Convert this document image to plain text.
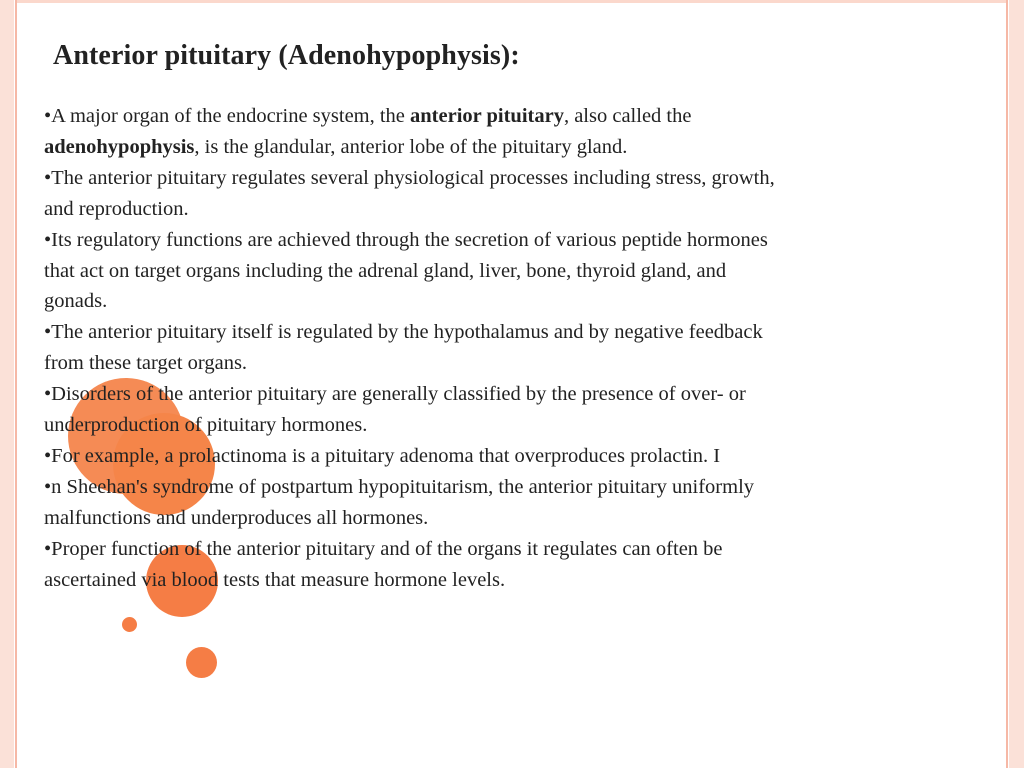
Anterior pituitary (Adenohypophysis):

•A major organ of the endocrine system, the anterior pituitary, also called the
adenohypophysis, is the glandular, anterior lobe of the pituitary gland.

•The anterior pituitary regulates several physiological processes including stress, growth,
and reproduction.

•Its regulatory functions are achieved through the secretion of various peptide hormones
that act on target organs including the adrenal gland, liver, bone, thyroid gland, and
gonads.

•The anterior pituitary itself is regulated by the hypothalamus and by negative feedback
from these target organs.

•Disorders of the anterior pituitary are generally classified by the presence of over- or
underproduction of pituitary hormones.

•For example, a prolactinoma is a pituitary adenoma that overproduces prolactin. I

•n Sheehan's syndrome of postpartum hypopituitarism, the anterior pituitary uniformly
malfunctions and underproduces all hormones.

•Proper function of the anterior pituitary and of the organs it regulates can often be
ascertained via blood tests that measure hormone levels.
